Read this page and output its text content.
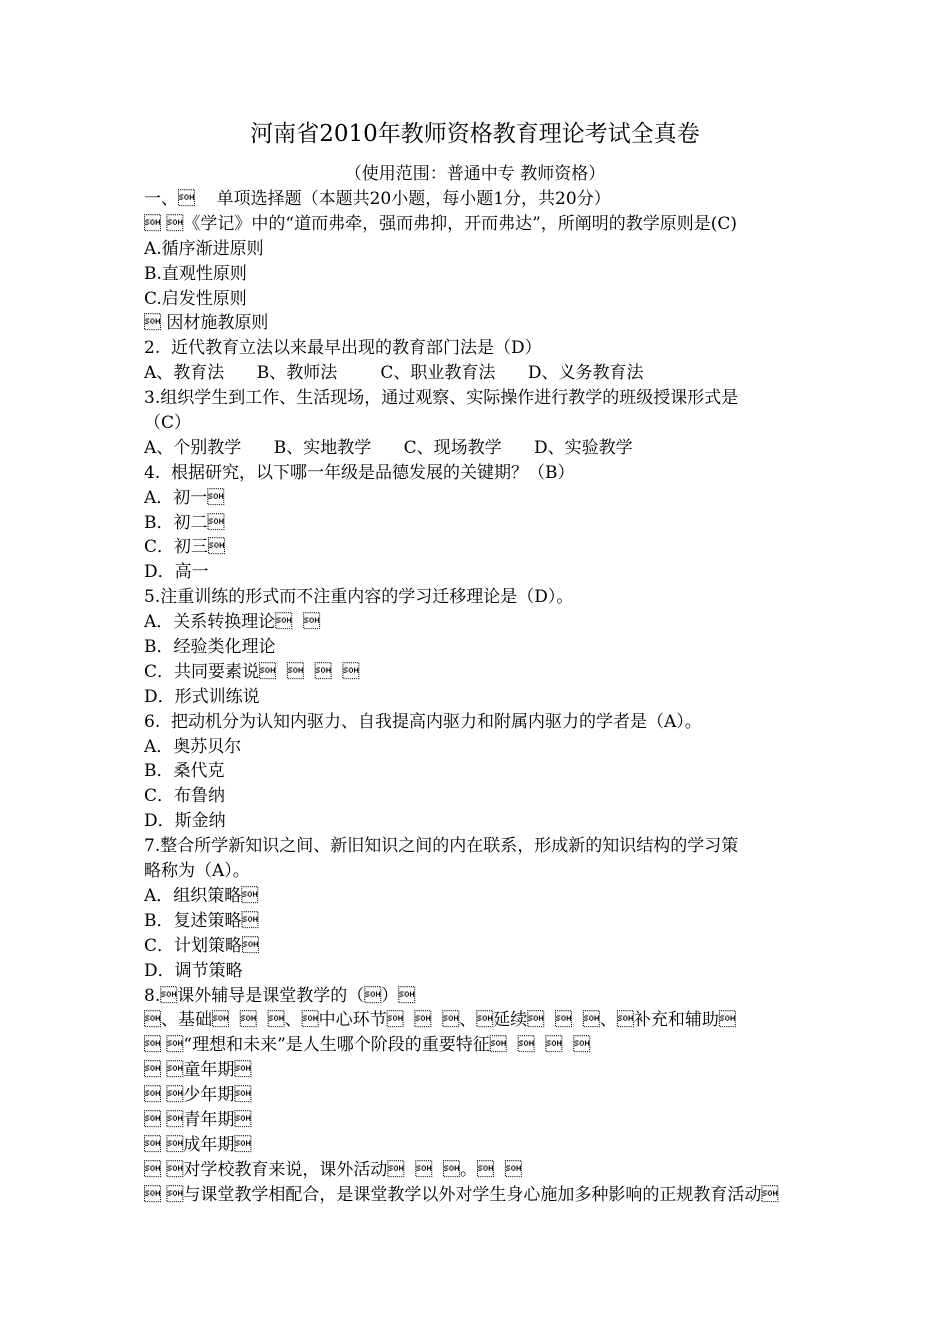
河南省2010年教师资格教育理论考试全真卷
（使用范围：普通中专 教师资格）
一、    单项选择题（本题共20小题，每小题1分，共20分）
 《学记》中的“道而弗牵，强而弗抑，开而弗达”，所阐明的教学原则是(C)
A.循序渐进原则
B.直观性原则
C.启发性原则
 因材施教原则
2.  近代教育立法以来最早出现的教育部门法是（D）
A、教育法      B、教师法        C、职业教育法      D、义务教育法
3.组织学生到工作、生活现场，通过观察、实际操作进行教学的班级授课形式是
（C）
A、个别教学      B、实地教学      C、现场教学      D、实验教学
4.  根据研究，以下哪一年级是品德发展的关键期？（B）
A．初一
B．初二
C．初三
D．高一
5.注重训练的形式而不注重内容的学习迁移理论是（D）。
A．关系转换理论  
B．经验类化理论
C．共同要素说      
D．形式训练说
6.  把动机分为认知内驱力、自我提高内驱力和附属内驱力的学者是（A）。
A．奥苏贝尔
B．桑代克
C．布鲁纳
D．斯金纳
7.整合所学新知识之间、新旧知识之间的内在联系，形成新的知识结构的学习策
略称为（A）。
A．组织策略
B．复述策略
C．计划策略
D．调节策略
8.课外辅导是课堂教学的（）
、基础    、中心环节    、延续    、补充和辅助
 “理想和未来”是人生哪个阶段的重要特征      
 童年期
 少年期
 青年期
 成年期
 对学校教育来说，课外活动    。  
 与课堂教学相配合，是课堂教学以外对学生身心施加多种影响的正规教育活动
